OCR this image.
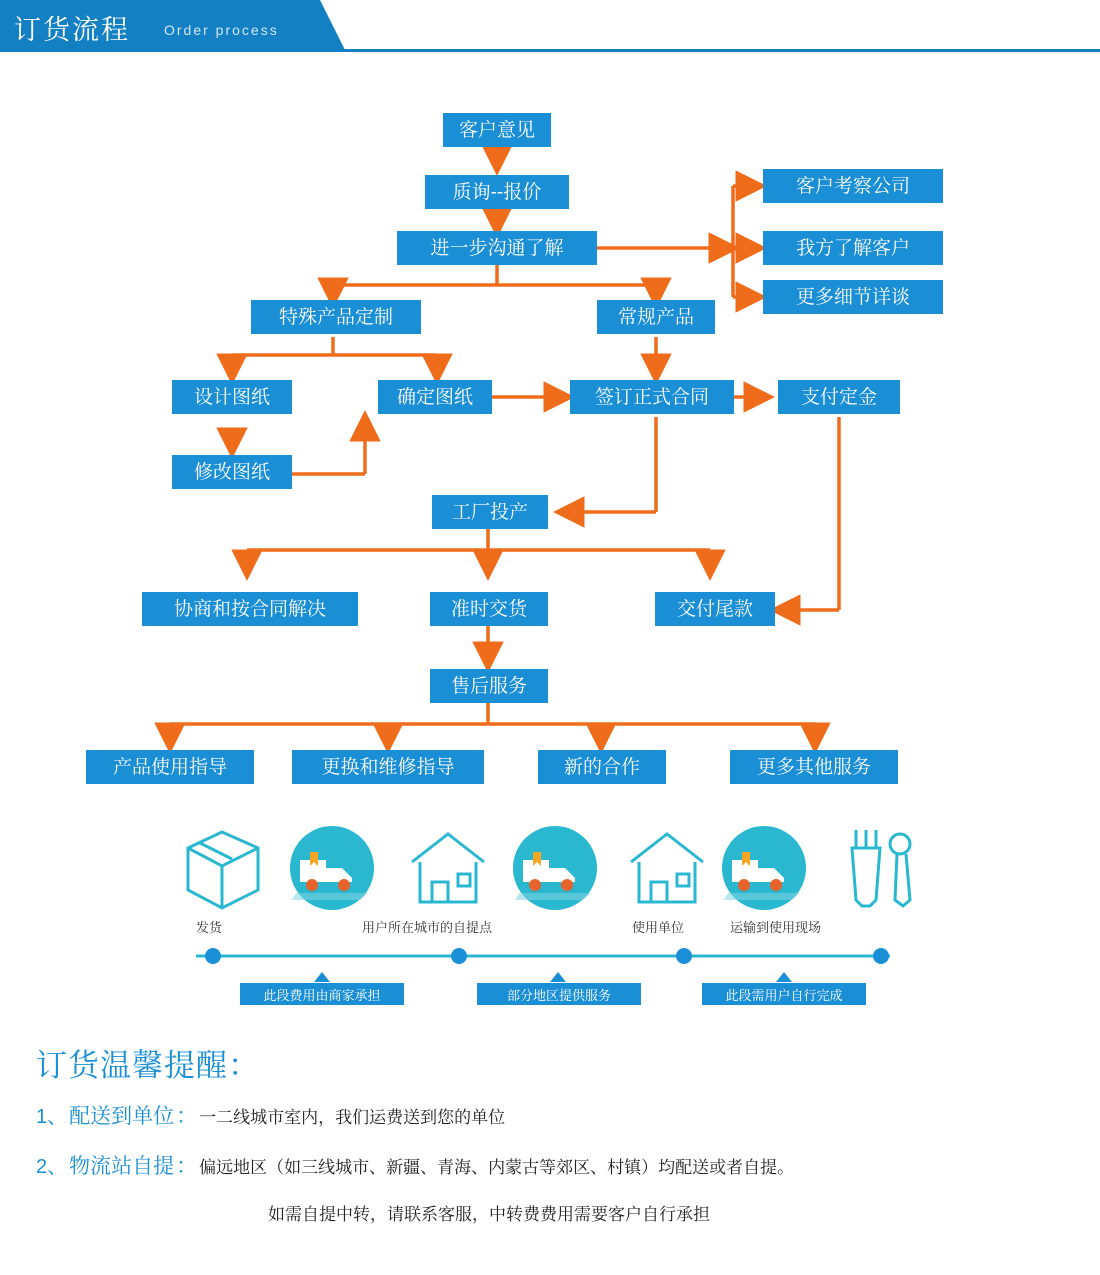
订货流程 Order process
客户意见
质询--报价
进一步沟通了解
客户考察公司
我方了解客户
更多细节详谈
特殊产品定制	常规产品
设计图纸	确定图纸	签订正式合同	支付定金
修改图纸
工厂投产
协商和按合同解决	准时交货	交付尾款
售后服务
产品使用指导	更换和维修指导	新的合作	更多其他服务
发货	用户所在城市的自提点	使用单位	运输到使用现场
此段费用由商家承担	部分地区提供服务	此段需用户自行完成
订货温馨提醒：
1、 配送到单位 ： 一二线城市室内，我们运费送到您的单位
2、 物流站自提 ： 偏远地区（如三线城市、新疆、青海、内蒙古等郊区、村镇）均配送或者自提。
如需自提中转，请联系客服，中转费费用需要客户自行承担
